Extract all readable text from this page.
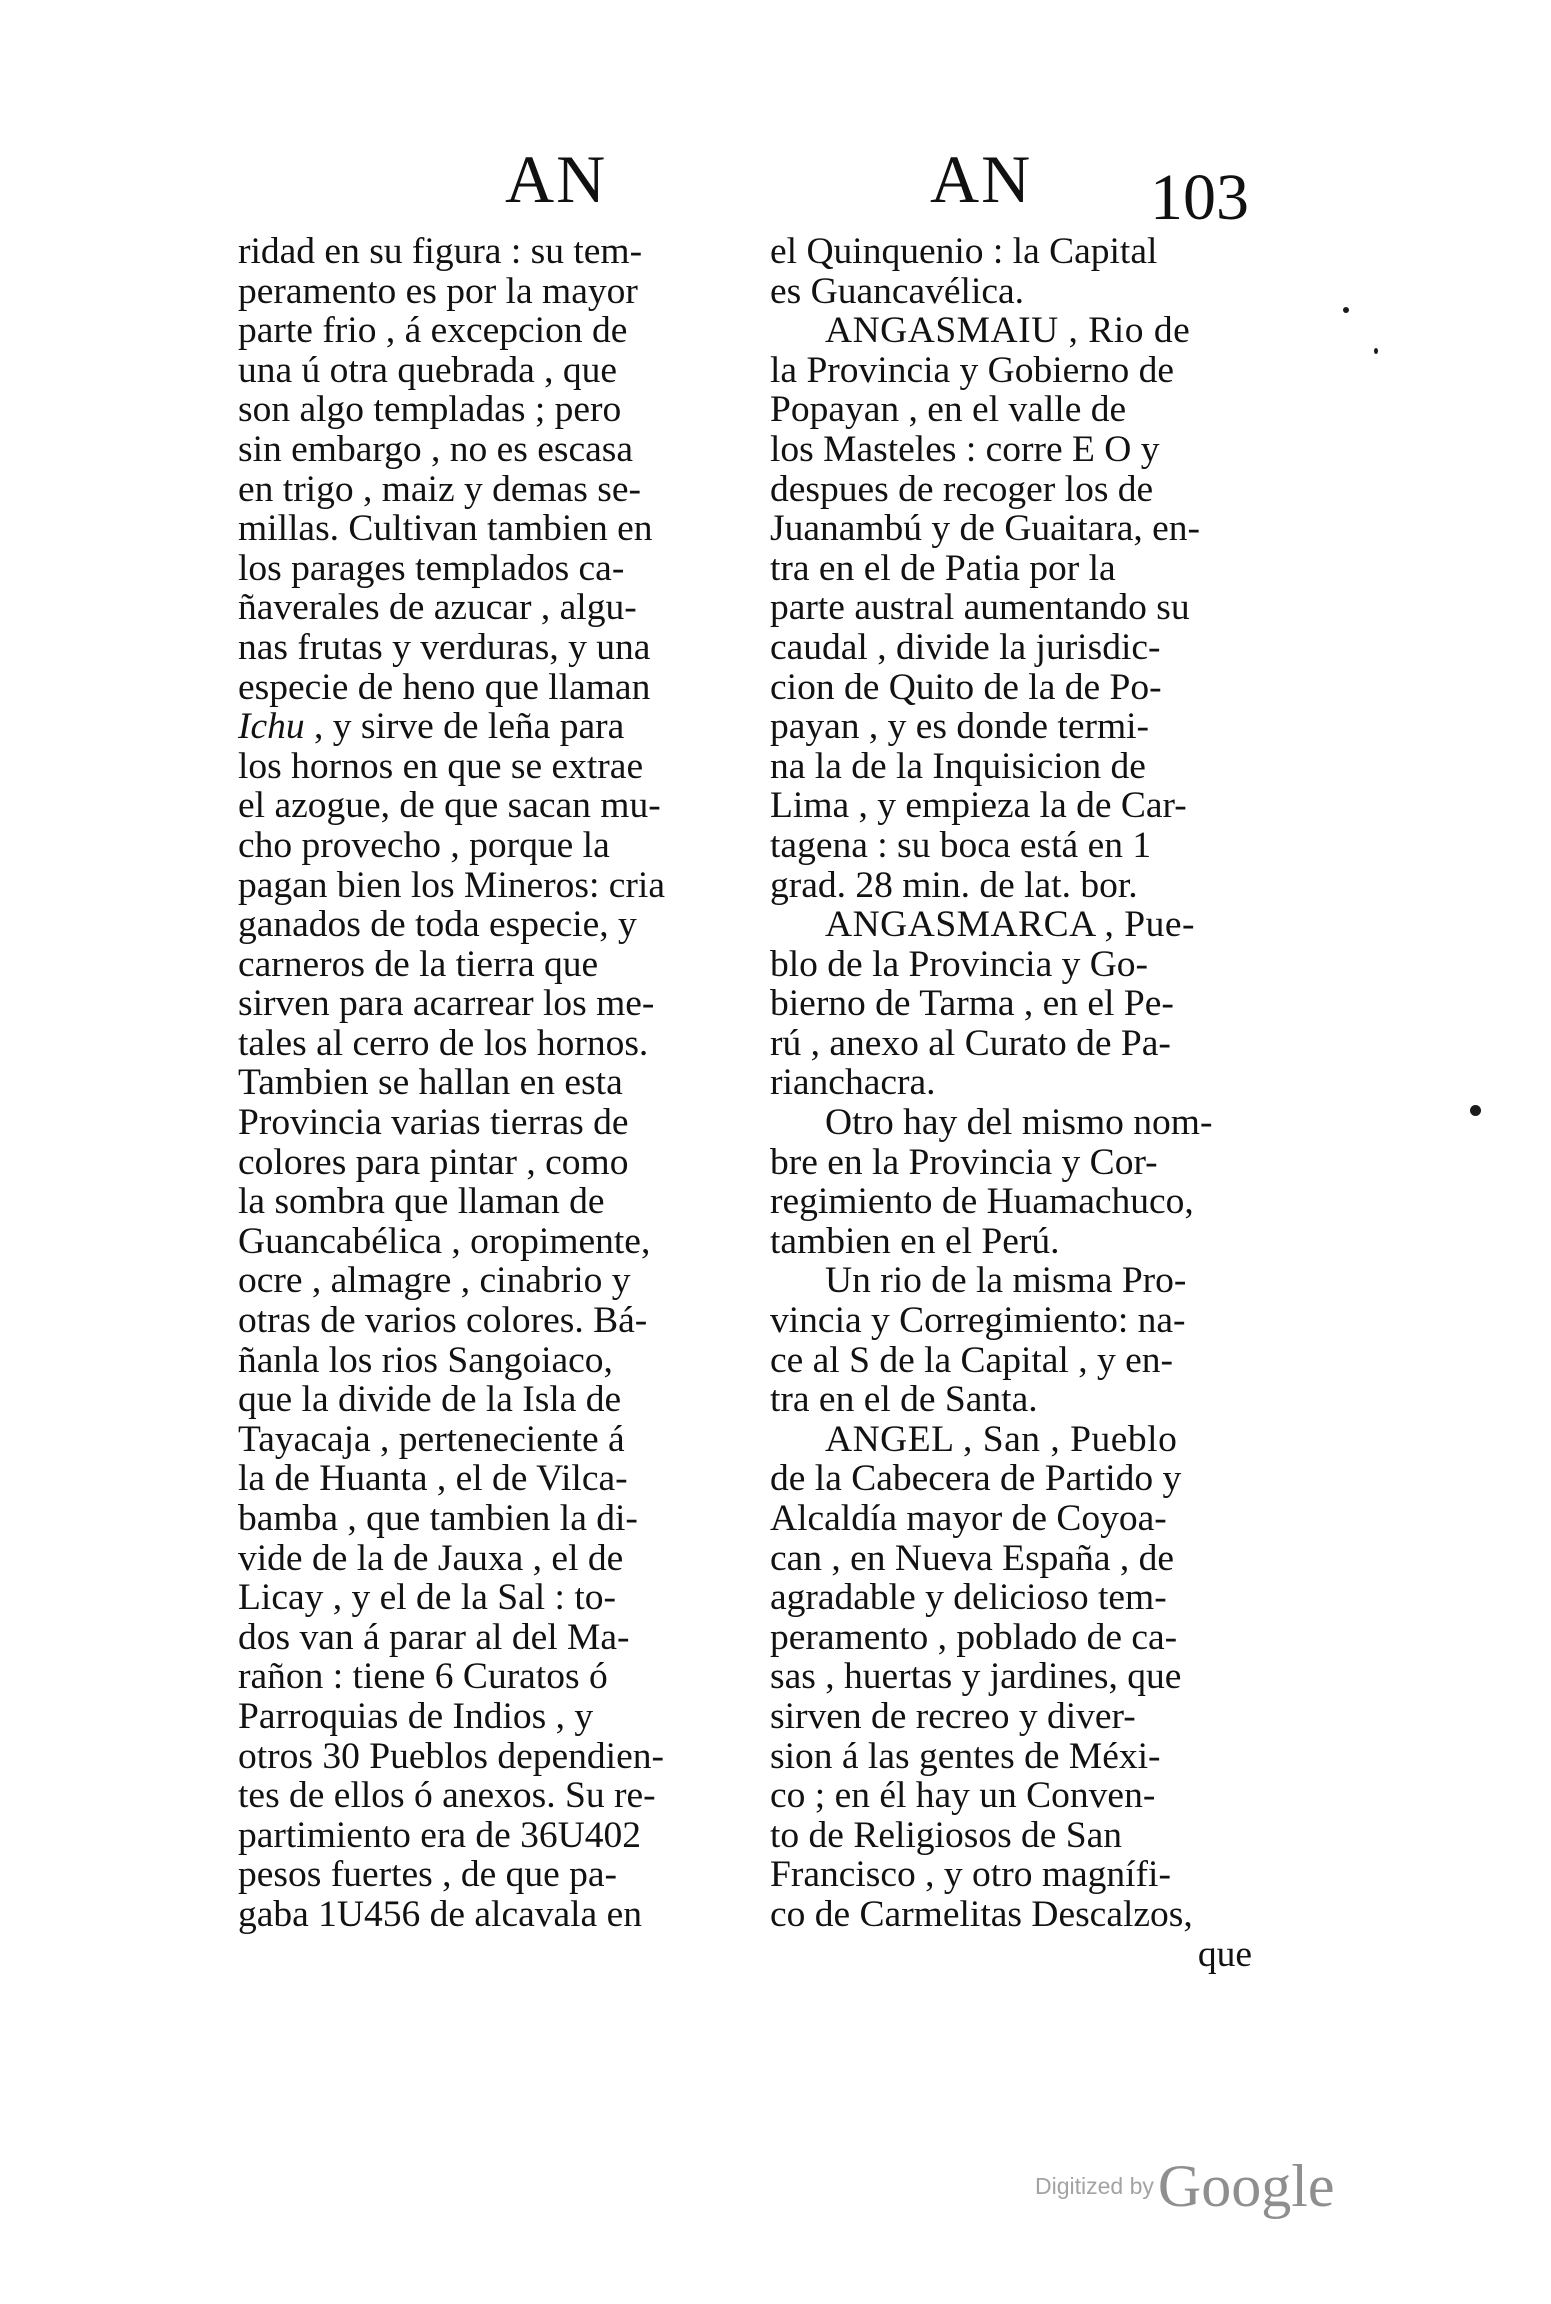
AN	AN 103
ridad en su figura : su tem-
peramento es por la mayor
parte frio , á excepcion de
una ú otra quebrada , que
son algo templadas ; pero
sin embargo , no es escasa
en trigo , maiz y demas se-
millas. Cultivan tambien en
los parages templados ca-
ñaverales de azucar , algu-
nas frutas y verduras, y una
especie de heno que llaman
Ichu , y sirve de leña para
los hornos en que se extrae
el azogue, de que sacan mu-
cho provecho , porque la
pagan bien los Mineros: cria
ganados de toda especie, y
carneros de la tierra que
sirven para acarrear los me-
tales al cerro de los hornos.
Tambien se hallan en esta
Provincia varias tierras de
colores para pintar , como
la sombra que llaman de
Guancabélica , oropimente,
ocre , almagre , cinabrio y
otras de varios colores. Bá-
ñanla los rios Sangoiaco,
que la divide de la Isla de
Tayacaja , perteneciente á
la de Huanta , el de Vilca-
bamba , que tambien la di-
vide de la de Jauxa , el de
Licay , y el de la Sal : to-
dos van á parar al del Ma-
rañon : tiene 6 Curatos ó
Parroquias de Indios , y
otros 30 Pueblos dependien-
tes de ellos ó anexos. Su re-
partimiento era de 36U402
pesos fuertes , de que pa-
gaba 1U456 de alcavala en
el Quinquenio : la Capital
es Guancavélica.
ANGASMAIU , Rio de
la Provincia y Gobierno de
Popayan , en el valle de
los Masteles : corre E O y
despues de recoger los de
Juanambú y de Guaitara, en-
tra en el de Patia por la
parte austral aumentando su
caudal , divide la jurisdic-
cion de Quito de la de Po-
payan , y es donde termi-
na la de la Inquisicion de
Lima , y empieza la de Car-
tagena : su boca está en 1
grad. 28 min. de lat. bor.
ANGASMARCA , Pue-
blo de la Provincia y Go-
bierno de Tarma , en el Pe-
rú , anexo al Curato de Pa-
rianchacra.
Otro hay del mismo nom-
bre en la Provincia y Cor-
regimiento de Huamachuco,
tambien en el Perú.
Un rio de la misma Pro-
vincia y Corregimiento: na-
ce al S de la Capital , y en-
tra en el de Santa.
ANGEL , San , Pueblo
de la Cabecera de Partido y
Alcaldía mayor de Coyoa-
can , en Nueva España , de
agradable y delicioso tem-
peramento , poblado de ca-
sas , huertas y jardines, que
sirven de recreo y diver-
sion á las gentes de Méxi-
co ; en él hay un Conven-
to de Religiosos de San
Francisco , y otro magnífi-
co de Carmelitas Descalzos,
que
Digitized byGoogle
